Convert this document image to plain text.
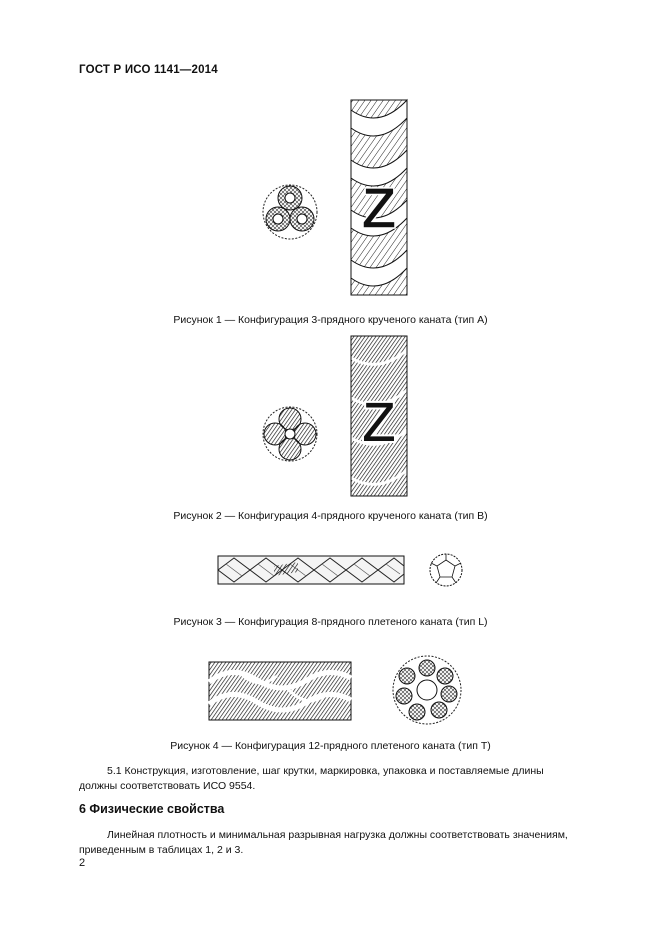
ГОСТ Р ИСО 1141—2014
Z
Рисунок 1 — Конфигурация 3-прядного крученого каната (тип A)
Z
Рисунок 2 — Конфигурация 4-прядного крученого каната (тип B)
Рисунок 3 — Конфигурация 8-прядного плетеного каната (тип L)
Рисунок 4 — Конфигурация 12-прядного плетеного каната (тип T)
5.1 Конструкция, изготовление, шаг крутки, маркировка, упаковка и поставляемые длины
должны соответствовать ИСО 9554.
6 Физические свойства
Линейная плотность и минимальная разрывная нагрузка должны соответствовать значениям,
приведенным в таблицах 1, 2 и 3.
2
